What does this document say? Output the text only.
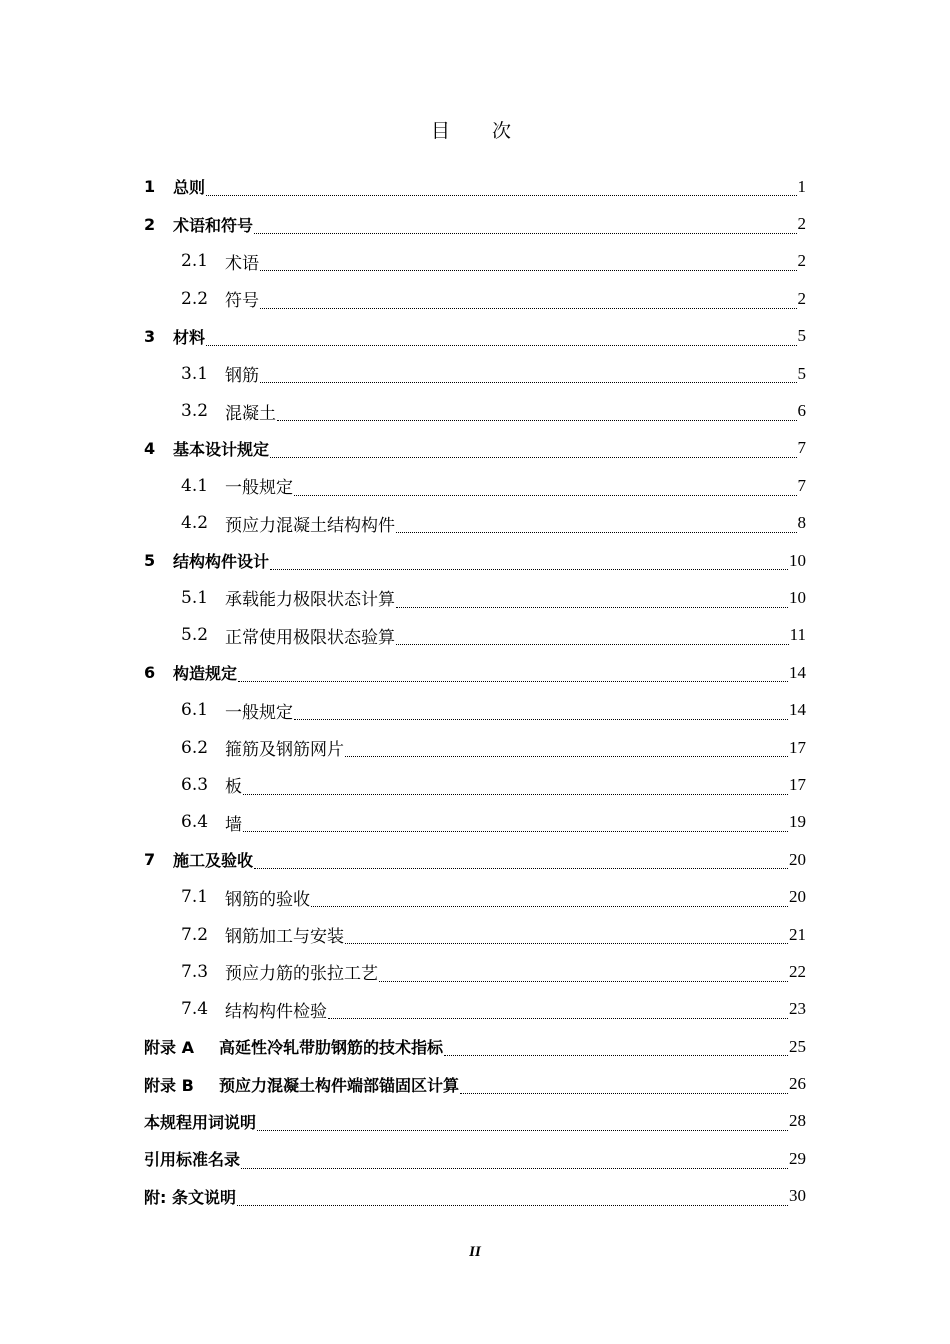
目 次
1	总则	1
2	术语和符号	2
2.1 术语	2
2.2 符号	2
3	材料	5
3.1 钢筋	5
3.2 混凝土	6
4	基本设计规定	7
4.1 一般规定	7
4.2 预应力混凝土结构构件	8
5	结构构件设计	10
5.1 承载能力极限状态计算	10
5.2 正常使用极限状态验算	11
6	构造规定	14
6.1 一般规定	14
6.2 箍筋及钢筋网片	17
6.3 板	17
6.4 墙	19
7	施工及验收	20
7.1 钢筋的验收	20
7.2 钢筋加工与安装	21
7.3 预应力筋的张拉工艺	22
7.4 结构构件检验	23
附录 A	高延性冷轧带肋钢筋的技术指标	25
附录 B	预应力混凝土构件端部锚固区计算	26
本规程用词说明	28
引用标准名录	29
附: 条文说明	30
II
